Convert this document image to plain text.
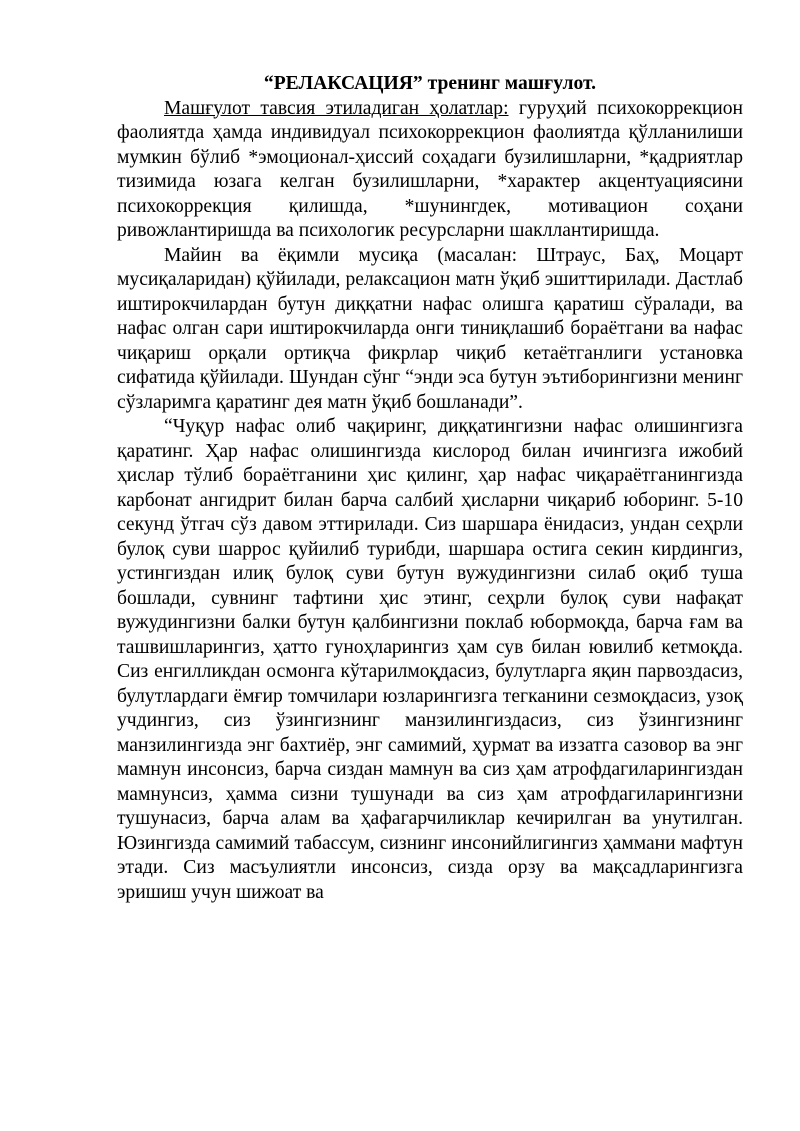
“РЕЛАКСАЦИЯ” тренинг машғулот.

Машғулот тавсия этиладиган ҳолатлар: гуруҳий психокоррекцион фаолиятда ҳамда индивидуал психокоррекцион фаолиятда қўлланилиши мумкин бўлиб *эмоционал-ҳиссий соҳадаги бузилишларни, *қадриятлар тизимида юзага келган бузилишларни, *характер акцентуациясини психокоррекция қилишда, *шунингдек, мотивацион соҳани ривожлантиришда ва психологик ресурсларни шакллантиришда.

Майин ва ёқимли мусиқа (масалан: Штраус, Баҳ, Моцарт мусиқаларидан) қўйилади, релаксацион матн ўқиб эшиттирилади. Дастлаб иштирокчилардан бутун диққатни нафас олишга қаратиш сўралади, ва нафас олган сари иштирокчиларда онги тиниқлашиб бораётгани ва нафас чиқариш орқали ортиқча фикрлар чиқиб кетаётганлиги установка сифатида қўйилади. Шундан сўнг “энди эса бутун эътиборингизни менинг сўзларимга қаратинг дея матн ўқиб бошланади”.

“Чуқур нафас олиб чақиринг, диққатингизни нафас олишингизга қаратинг. Ҳар нафас олишингизда кислород билан ичингизга ижобий ҳислар тўлиб бораётганини ҳис қилинг, ҳар нафас чиқараётганингизда карбонат ангидрит билан барча салбий ҳисларни чиқариб юборинг. 5-10 секунд ўтгач сўз давом эттирилади. Сиз шаршара ёнидасиз, ундан сеҳрли булоқ суви шаррос қуйилиб турибди, шаршара остига секин кирдингиз, устингиздан илиқ булоқ суви бутун вужудингизни силаб оқиб туша бошлади, сувнинг тафтини ҳис этинг, сеҳрли булоқ суви нафақат вужудингизни балки бутун қалбингизни поклаб юбормоқда, барча ғам ва ташвишларингиз, ҳатто гуноҳларингиз ҳам сув билан ювилиб кетмоқда. Сиз енгилликдан осмонга кўтарилмоқдасиз, булутларга яқин парвоздасиз, булутлардаги ёмғир томчилари юзларингизга тегканини сезмоқдасиз, узоқ учдингиз, сиз ўзингизнинг манзилингиздасиз, сиз ўзингизнинг манзилингизда энг бахтиёр, энг самимий, ҳурмат ва иззатга сазовор ва энг мамнун инсонсиз, барча сиздан мамнун ва сиз ҳам атрофдагиларингиздан мамнунсиз, ҳамма сизни тушунади ва сиз ҳам атрофдагиларингизни тушунасиз, барча алам ва ҳафагарчиликлар кечирилган ва унутилган. Юзингизда самимий табассум, сизнинг инсонийлигингиз ҳаммани мафтун этади. Сиз масъулиятли инсонсиз, сизда орзу ва мақсадларингизга эришиш учун шижоат ва
